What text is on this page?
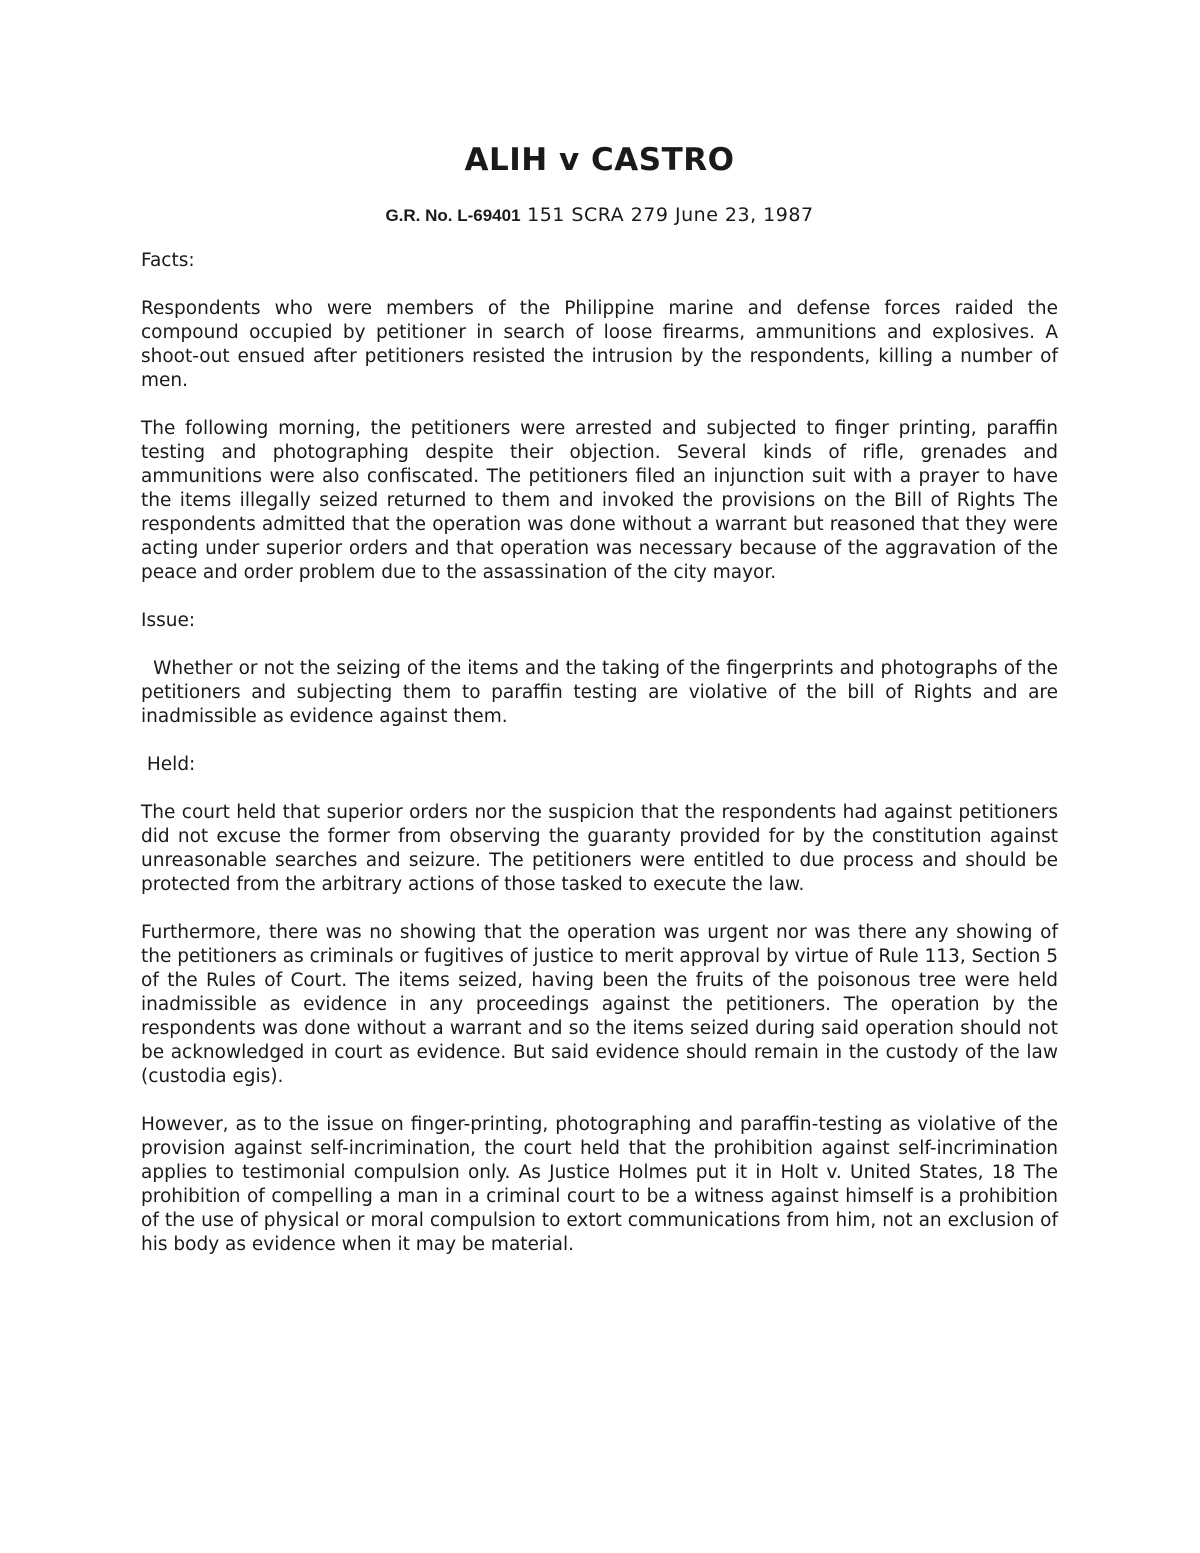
ALIH v CASTRO

G.R. No. L-69401 151 SCRA 279 June 23, 1987

Facts:

Respondents who were members of the Philippine marine and defense forces raided the compound occupied by petitioner in search of loose firearms, ammunitions and explosives. A shoot-out ensued after petitioners resisted the intrusion by the respondents, killing a number of men.

The following morning, the petitioners were arrested and subjected to finger printing, paraffin testing and photographing despite their objection. Several kinds of rifle, grenades and ammunitions were also confiscated. The petitioners filed an injunction suit with a prayer to have the items illegally seized returned to them and invoked the provisions on the Bill of Rights The respondents admitted that the operation was done without a warrant but reasoned that they were acting under superior orders and that operation was necessary because of the aggravation of the peace and order problem due to the assassination of the city mayor.

Issue:

Whether or not the seizing of the items and the taking of the fingerprints and photographs of the petitioners and subjecting them to paraffin testing are violative of the bill of Rights and are inadmissible as evidence against them.

Held:

The court held that superior orders nor the suspicion that the respondents had against petitioners did not excuse the former from observing the guaranty provided for by the constitution against unreasonable searches and seizure. The petitioners were entitled to due process and should be protected from the arbitrary actions of those tasked to execute the law.

Furthermore, there was no showing that the operation was urgent nor was there any showing of the petitioners as criminals or fugitives of justice to merit approval by virtue of Rule 113, Section 5 of the Rules of Court. The items seized, having been the fruits of the poisonous tree were held inadmissible as evidence in any proceedings against the petitioners. The operation by the respondents was done without a warrant and so the items seized during said operation should not be acknowledged in court as evidence. But said evidence should remain in the custody of the law (custodia egis).

However, as to the issue on finger-printing, photographing and paraffin-testing as violative of the provision against self-incrimination, the court held that the prohibition against self-incrimination applies to testimonial compulsion only. As Justice Holmes put it in Holt v. United States, 18 The prohibition of compelling a man in a criminal court to be a witness against himself is a prohibition of the use of physical or moral compulsion to extort communications from him, not an exclusion of his body as evidence when it may be material.
